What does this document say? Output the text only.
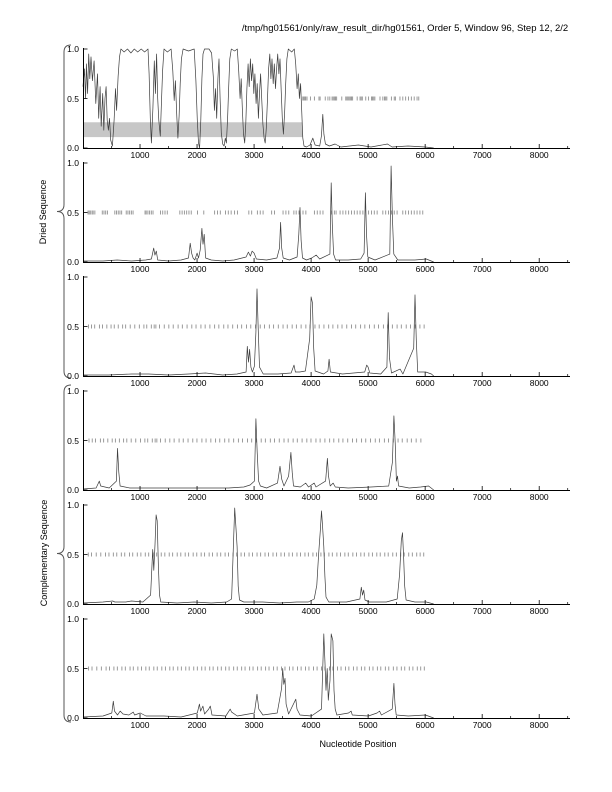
/tmp/hg01561/only/raw_result_dir/hg01561, Order 5, Window 96, Step 12, 2/2
Dried Sequence
Complementary Sequence
1.0
0.5
0.0
1000	2000	3000	4000	5000	6000	7000	8000
1.0
0.5
0.0
1000	2000	3000	4000	5000	6000	7000	8000
1.0
0.5
0.0
1000	2000	3000	4000	5000	6000	7000	8000
1.0
0.5
0.0
1000	2000	3000	4000	5000	6000	7000	8000
1.0
0.5
0.0
1000	2000	3000	4000	5000	6000	7000	8000
1.0
0.5
0.0
1000	2000	3000	4000	5000	6000	7000	8000
Nucleotide Position
